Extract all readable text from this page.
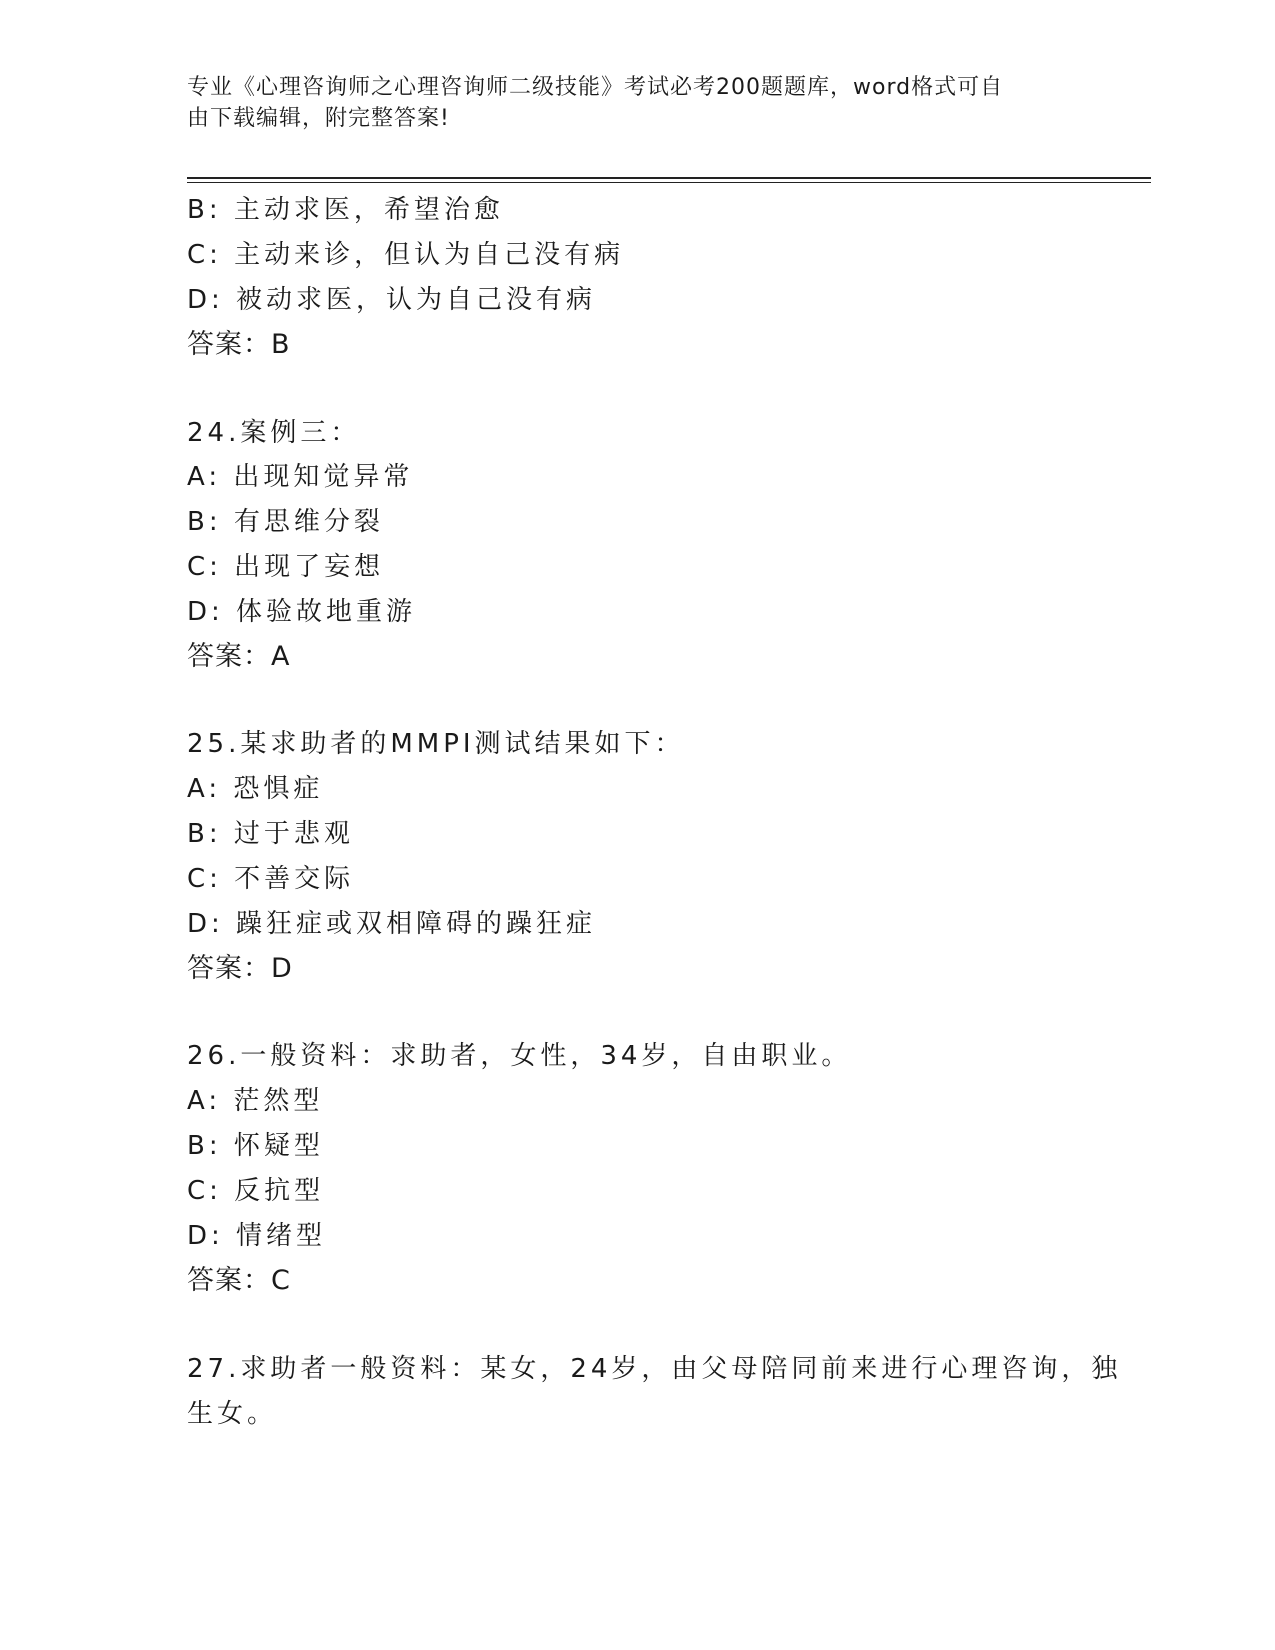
专业《心理咨询师之心理咨询师二级技能》考试必考200题题库，word格式可自
由下载编辑，附完整答案!
B: 主动求医，希望治愈
C: 主动来诊，但认为自己没有病
D: 被动求医，认为自己没有病
答案：B
24.案例三：
A: 出现知觉异常
B: 有思维分裂
C: 出现了妄想
D: 体验故地重游
答案：A
25.某求助者的MMPI测试结果如下：
A: 恐惧症
B: 过于悲观
C: 不善交际
D: 躁狂症或双相障碍的躁狂症
答案：D
26.一般资料：求助者，女性，34岁，自由职业。
A: 茫然型
B: 怀疑型
C: 反抗型
D: 情绪型
答案：C
27.求助者一般资料：某女，24岁，由父母陪同前来进行心理咨询，独
生女。
